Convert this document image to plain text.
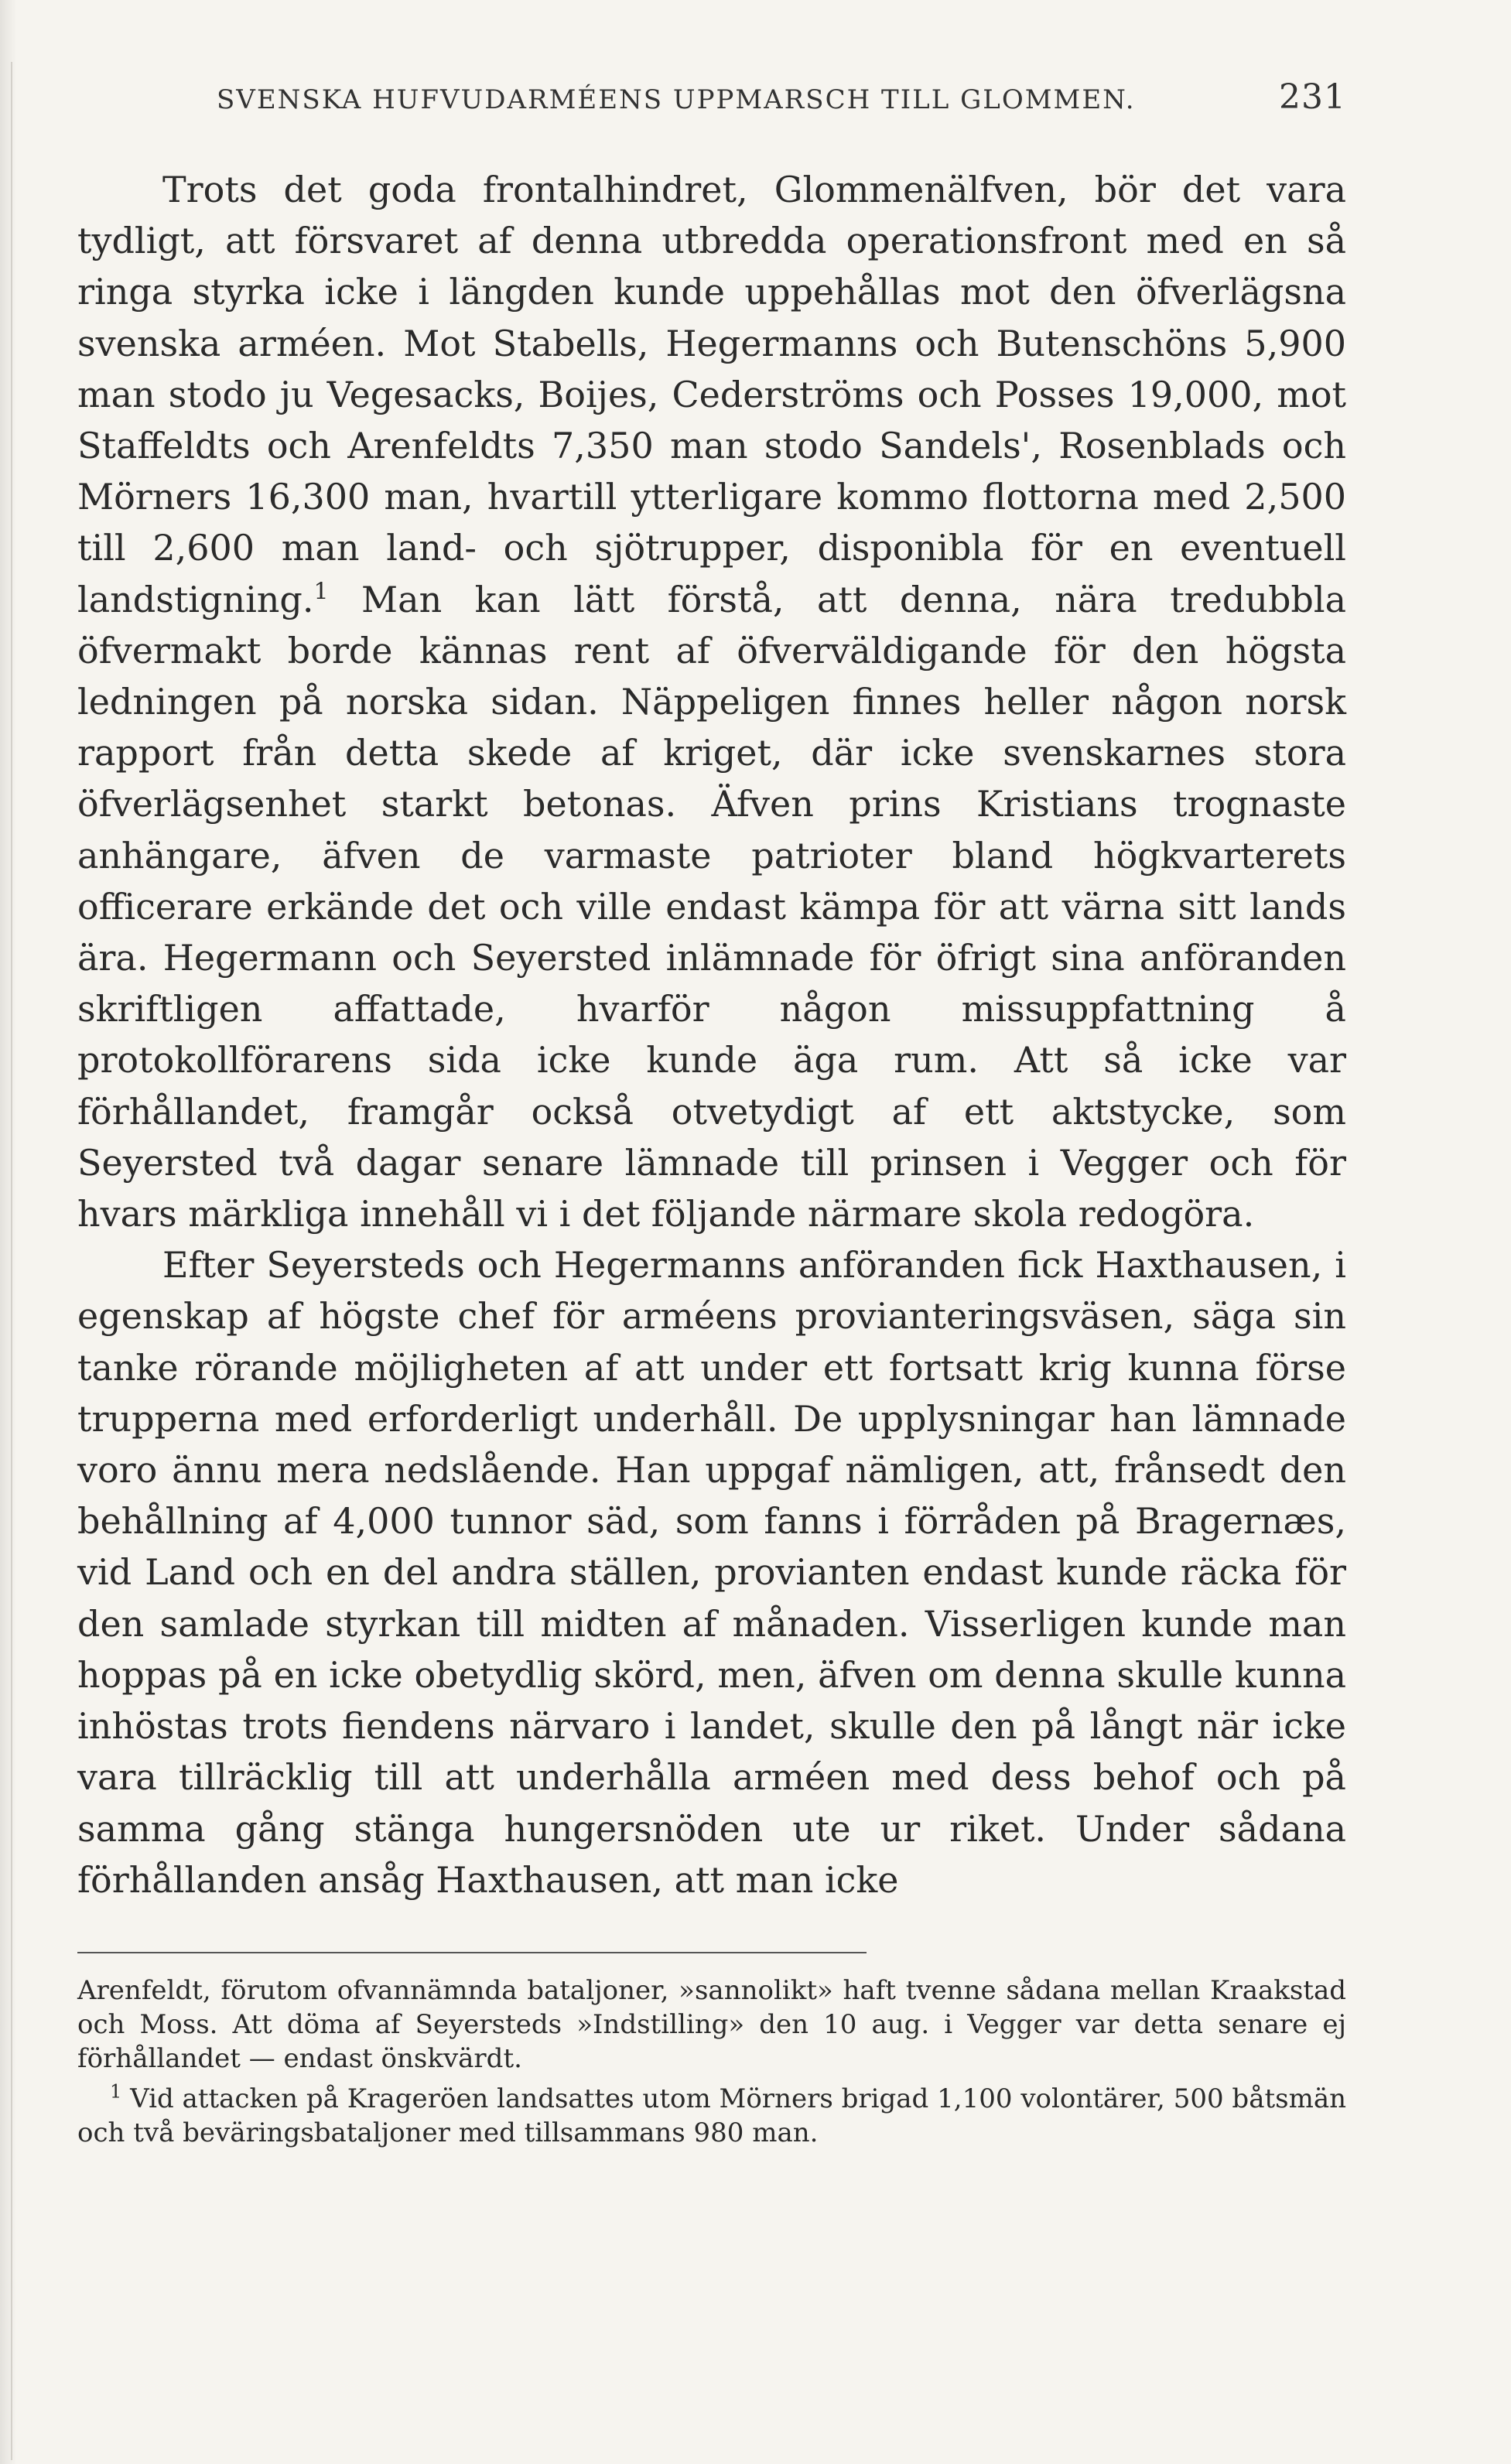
SVENSKA HUFVUDARMÉENS UPPMARSCH TILL GLOMMEN.	231

Trots det goda frontalhindret, Glommenälfven, bör det vara tydligt, att försvaret af denna utbredda operationsfront med en så ringa styrka icke i längden kunde uppehållas mot den öfverlägsna svenska arméen. Mot Stabells, Hegermanns och Butenschöns 5,900 man stodo ju Vegesacks, Boijes, Cederströms och Posses 19,000, mot Staffeldts och Arenfeldts 7,350 man stodo Sandels', Rosenblads och Mörners 16,300 man, hvartill ytterligare kommo flottorna med 2,500 till 2,600 man land- och sjötrupper, disponibla för en eventuell landstigning.$^1$ Man kan lätt förstå, att denna, nära tredubbla öfvermakt borde kännas rent af öfverväldigande för den högsta ledningen på norska sidan. Näppeligen finnes heller någon norsk rapport från detta skede af kriget, där icke svenskarnes stora öfverlägsenhet starkt betonas. Äfven prins Kristians trognaste anhängare, äfven de varmaste patrioter bland högkvarterets officerare erkände det och ville endast kämpa för att värna sitt lands ära. Hegermann och Seyersted inlämnade för öfrigt sina anföranden skriftligen affattade, hvarför någon missuppfattning å protokollförarens sida icke kunde äga rum. Att så icke var förhållandet, framgår också otvetydigt af ett aktstycke, som Seyersted två dagar senare lämnade till prinsen i Vegger och för hvars märkliga innehåll vi i det följande närmare skola redogöra.

Efter Seyersteds och Hegermanns anföranden fick Haxthausen, i egenskap af högste chef för arméens provianteringsväsen, säga sin tanke rörande möjligheten af att under ett fortsatt krig kunna förse trupperna med erforderligt underhåll. De upplysningar han lämnade voro ännu mera nedslående. Han uppgaf nämligen, att, frånsedt den behållning af 4,000 tunnor säd, som fanns i förråden på Bragernæs, vid Land och en del andra ställen, provianten endast kunde räcka för den samlade styrkan till midten af månaden. Visserligen kunde man hoppas på en icke obetydlig skörd, men, äfven om denna skulle kunna inhöstas trots fiendens närvaro i landet, skulle den på långt när icke vara tillräcklig till att underhålla arméen med dess behof och på samma gång stänga hungersnöden ute ur riket. Under sådana förhållanden ansåg Haxthausen, att man icke

Arenfeldt, förutom ofvannämnda bataljoner, »sannolikt» haft tvenne sådana mellan Kraakstad och Moss. Att döma af Seyersteds »Indstilling» den 10 aug. i Vegger var detta senare ej förhållandet — endast önskvärdt.

$^1$ Vid attacken på Krageröen landsattes utom Mörners brigad 1,100 volontärer, 500 båtsmän och två beväringsbataljoner med tillsammans 980 man.
